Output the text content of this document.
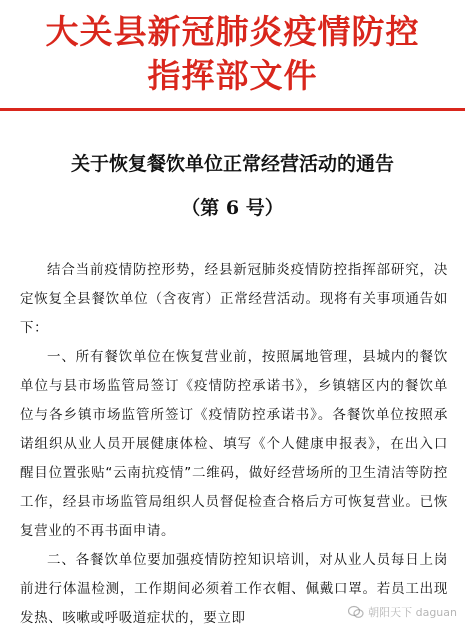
大关县新冠肺炎疫情防控
指挥部文件
关于恢复餐饮单位正常经营活动的通告
（第 6 号）

结合当前疫情防控形势，经县新冠肺炎疫情防控指挥部研究，决定恢复全县餐饮单位（含夜宵）正常经营活动。现将有关事项通告如下：

一、所有餐饮单位在恢复营业前，按照属地管理，县城内的餐饮单位与县市场监管局签订《疫情防控承诺书》，乡镇辖区内的餐饮单位与各乡镇市场监管所签订《疫情防控承诺书》。各餐饮单位按照承诺组织从业人员开展健康体检、填写《个人健康申报表》，在出入口醒目位置张贴“云南抗疫情”二维码，做好经营场所的卫生清洁等防控工作，经县市场监管局组织人员督促检查合格后方可恢复营业。已恢复营业的不再书面申请。

二、各餐饮单位要加强疫情防控知识培训，对从业人员每日上岗前进行体温检测，工作期间必须着工作衣帽、佩戴口罩。若员工出现发热、咳嗽或呼吸道症状的，要立即	朝阳天下 daguan
